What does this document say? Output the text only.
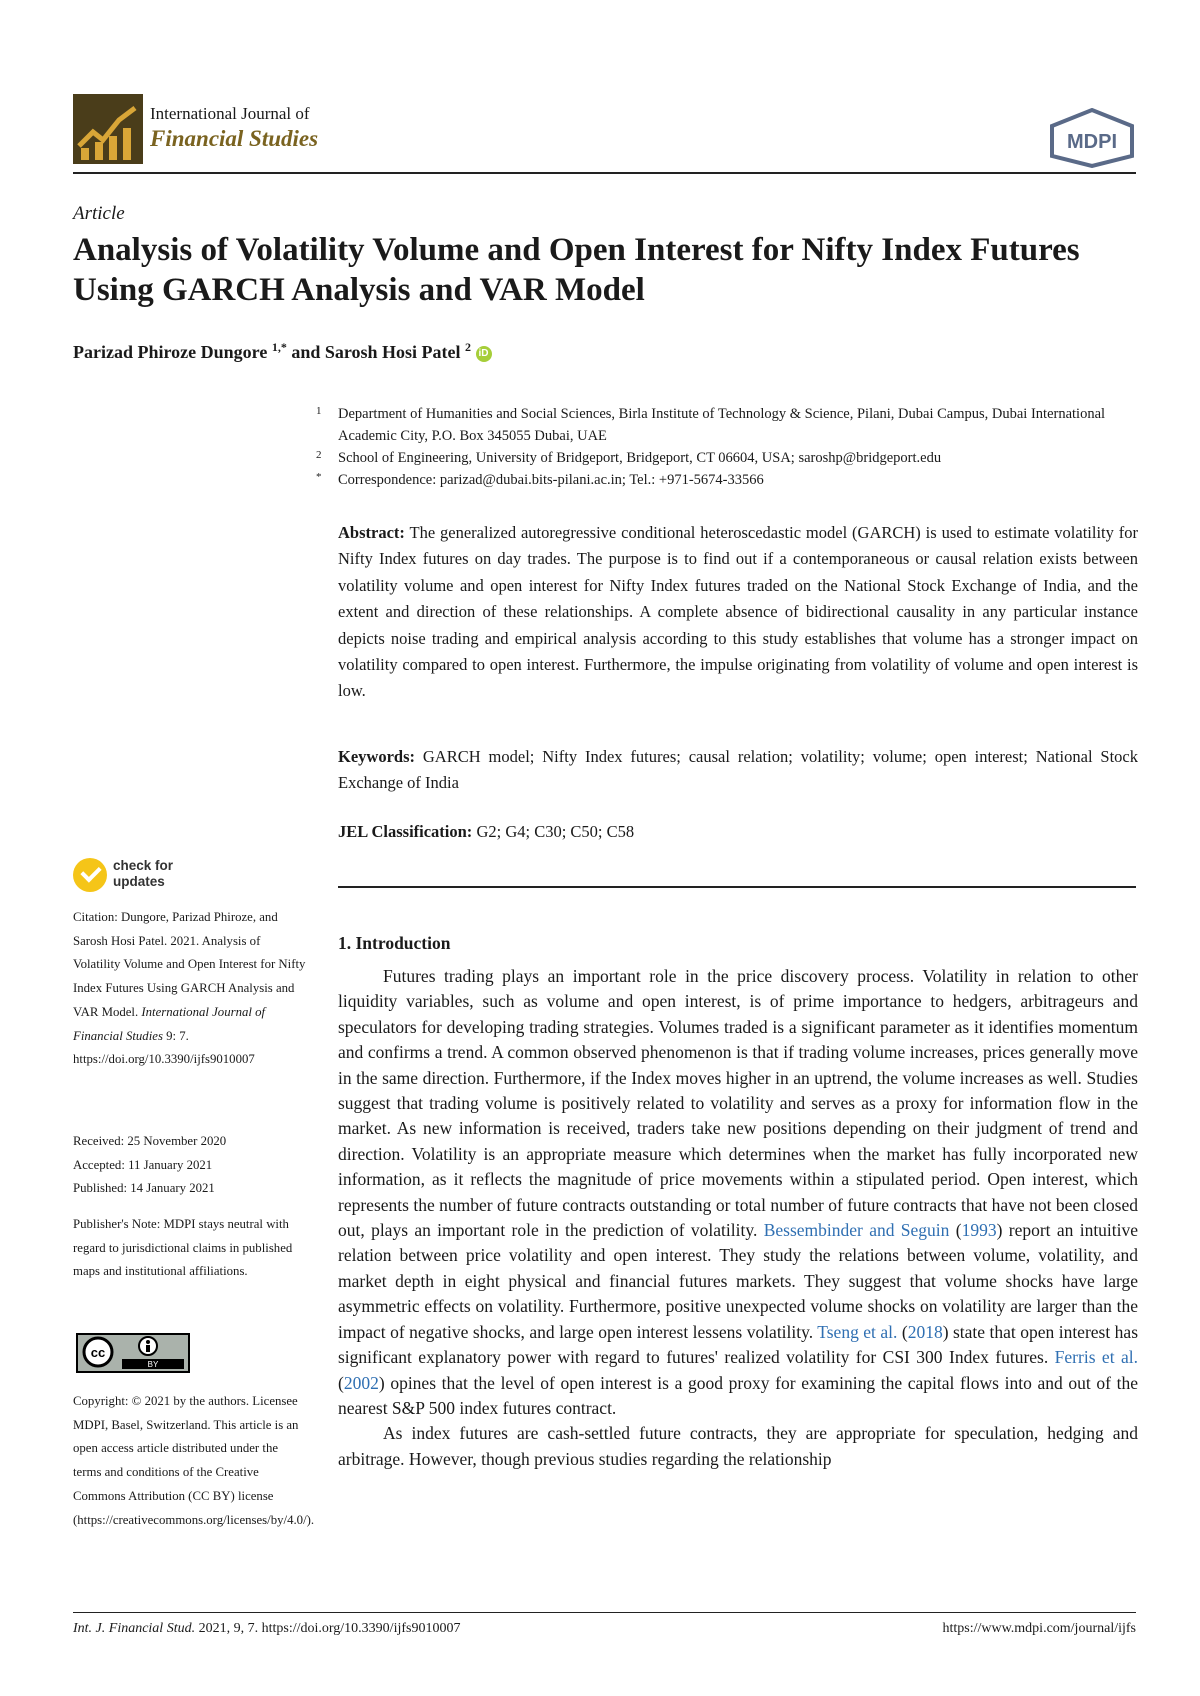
International Journal of
Financial Studies	MDPI
Article
Analysis of Volatility Volume and Open Interest for Nifty Index Futures Using GARCH Analysis and VAR Model
Parizad Phiroze Dungore $^{1,*}$ and Sarosh Hosi Patel $^2$ iD
1 Department of Humanities and Social Sciences, Birla Institute of Technology & Science, Pilani, Dubai Campus, Dubai International Academic City, P.O. Box 345055 Dubai, UAE
2 School of Engineering, University of Bridgeport, Bridgeport, CT 06604, USA; saroshp@bridgeport.edu
* Correspondence: parizad@dubai.bits-pilani.ac.in; Tel.: +971-5674-33566
Abstract: The generalized autoregressive conditional heteroscedastic model (GARCH) is used to estimate volatility for Nifty Index futures on day trades. The purpose is to find out if a contemporaneous or causal relation exists between volatility volume and open interest for Nifty Index futures traded on the National Stock Exchange of India, and the extent and direction of these relationships. A complete absence of bidirectional causality in any particular instance depicts noise trading and empirical analysis according to this study establishes that volume has a stronger impact on volatility compared to open interest. Furthermore, the impulse originating from volatility of volume and open interest is low.
Keywords: GARCH model; Nifty Index futures; causal relation; volatility; volume; open interest; National Stock Exchange of India
JEL Classification: G2; G4; C30; C50; C58
1. Introduction

Futures trading plays an important role in the price discovery process. Volatility in relation to other liquidity variables, such as volume and open interest, is of prime importance to hedgers, arbitrageurs and speculators for developing trading strategies. Volumes traded is a significant parameter as it identifies momentum and confirms a trend. A common observed phenomenon is that if trading volume increases, prices generally move in the same direction. Furthermore, if the Index moves higher in an uptrend, the volume increases as well. Studies suggest that trading volume is positively related to volatility and serves as a proxy for information flow in the market. As new information is received, traders take new positions depending on their judgment of trend and direction. Volatility is an appropriate measure which determines when the market has fully incorporated new information, as it reflects the magnitude of price movements within a stipulated period. Open interest, which represents the number of future contracts outstanding or total number of future contracts that have not been closed out, plays an important role in the prediction of volatility. Bessembinder and Seguin (1993) report an intuitive relation between price volatility and open interest. They study the relations between volume, volatility, and market depth in eight physical and financial futures markets. They suggest that volume shocks have large asymmetric effects on volatility. Furthermore, positive unexpected volume shocks on volatility are larger than the impact of negative shocks, and large open interest lessens volatility. Tseng et al. (2018) state that open interest has significant explanatory power with regard to futures' realized volatility for CSI 300 Index futures. Ferris et al. (2002) opines that the level of open interest is a good proxy for examining the capital flows into and out of the nearest S&P 500 index futures contract.

As index futures are cash-settled future contracts, they are appropriate for speculation, hedging and arbitrage. However, though previous studies regarding the relationship

check for
updates
Citation: Dungore, Parizad Phiroze, and Sarosh Hosi Patel. 2021. Analysis of Volatility Volume and Open Interest for Nifty Index Futures Using GARCH Analysis and VAR Model. International Journal of Financial Studies 9: 7. https://doi.org/10.3390/ijfs9010007
Received: 25 November 2020
Accepted: 11 January 2021
Published: 14 January 2021
Publisher's Note: MDPI stays neutral with regard to jurisdictional claims in published maps and institutional affiliations.
cc
BY
Copyright: © 2021 by the authors. Licensee MDPI, Basel, Switzerland. This article is an open access article distributed under the terms and conditions of the Creative Commons Attribution (CC BY) license (https://creativecommons.org/licenses/by/4.0/).
Int. J. Financial Stud. 2021, 9, 7. https://doi.org/10.3390/ijfs9010007	https://www.mdpi.com/journal/ijfs
